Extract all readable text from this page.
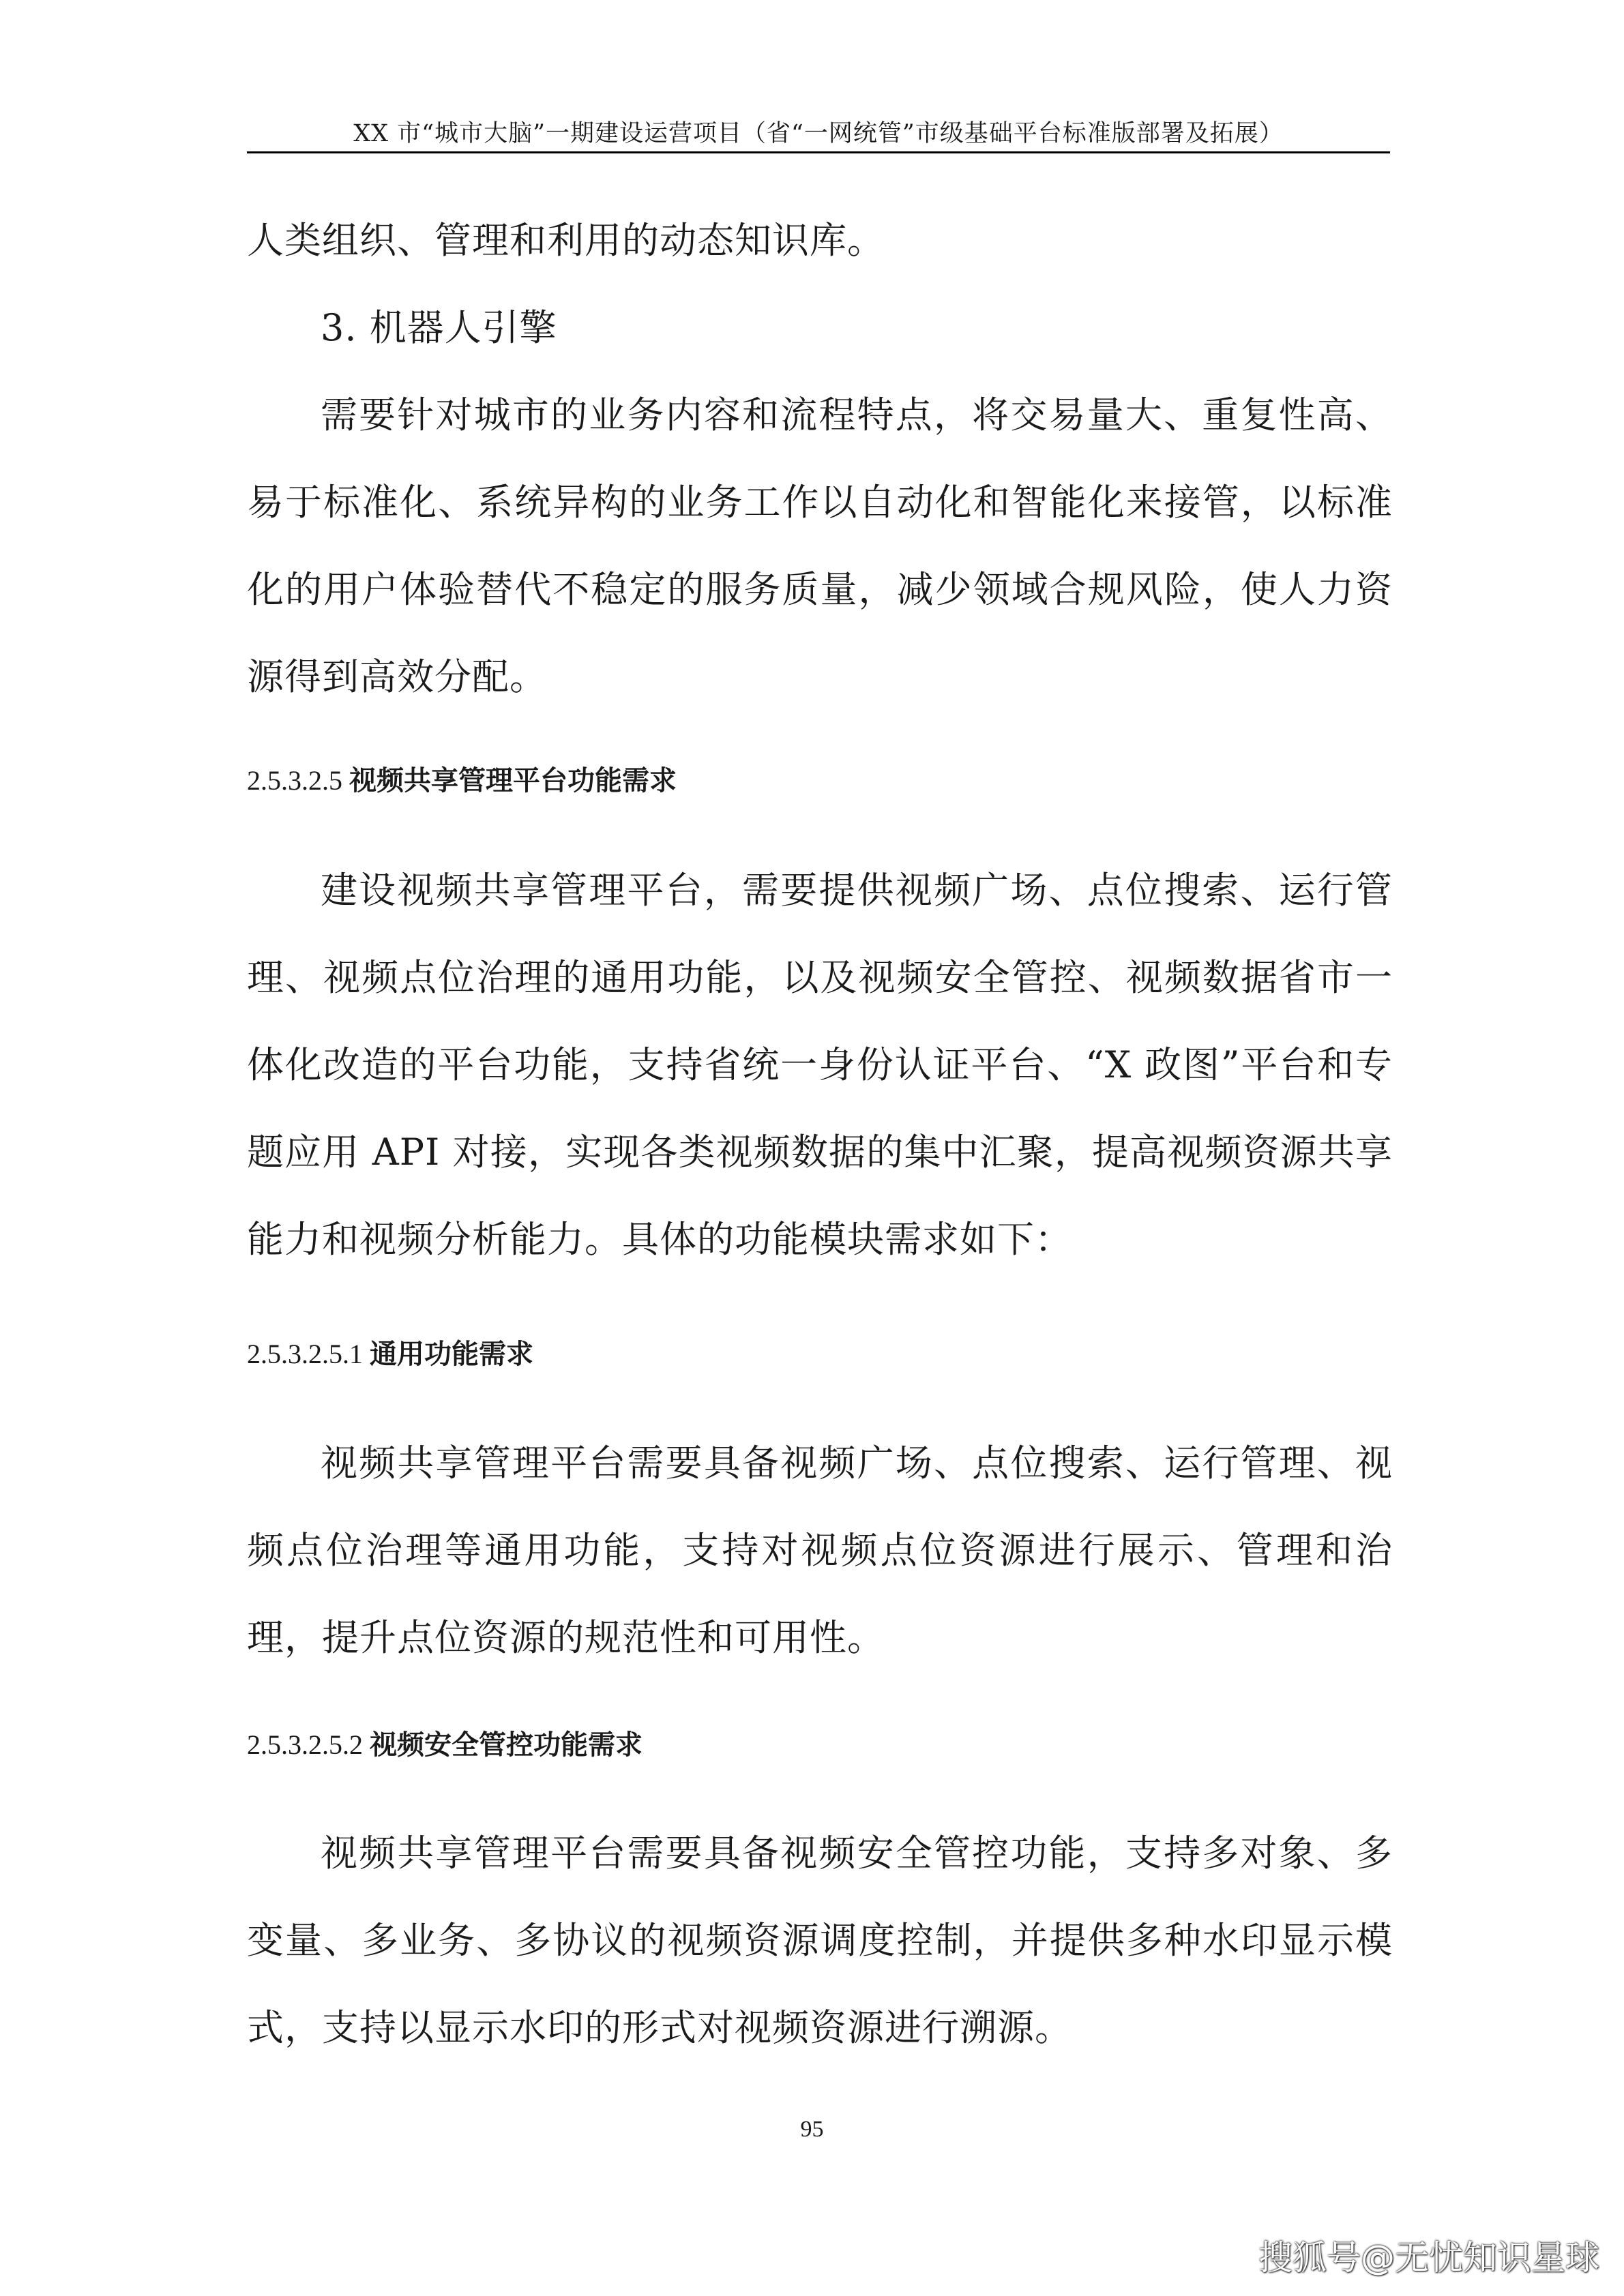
XX 市“城市大脑”一期建设运营项目（省“一网统管”市级基础平台标准版部署及拓展）

人类组织、管理和利用的动态知识库。

3. 机器人引擎

需要针对城市的业务内容和流程特点，将交易量大、重复性高、易于标准化、系统异构的业务工作以自动化和智能化来接管，以标准化的用户体验替代不稳定的服务质量，减少领域合规风险，使人力资源得到高效分配。

2.5.3.2.5 视频共享管理平台功能需求

建设视频共享管理平台，需要提供视频广场、点位搜索、运行管理、视频点位治理的通用功能，以及视频安全管控、视频数据省市一体化改造的平台功能，支持省统一身份认证平台、“X 政图”平台和专题应用 API 对接，实现各类视频数据的集中汇聚，提高视频资源共享能力和视频分析能力。具体的功能模块需求如下：

2.5.3.2.5.1 通用功能需求

视频共享管理平台需要具备视频广场、点位搜索、运行管理、视频点位治理等通用功能，支持对视频点位资源进行展示、管理和治理，提升点位资源的规范性和可用性。

2.5.3.2.5.2 视频安全管控功能需求

视频共享管理平台需要具备视频安全管控功能，支持多对象、多变量、多业务、多协议的视频资源调度控制，并提供多种水印显示模式，支持以显示水印的形式对视频资源进行溯源。

95
搜狐号@无忧知识星球
